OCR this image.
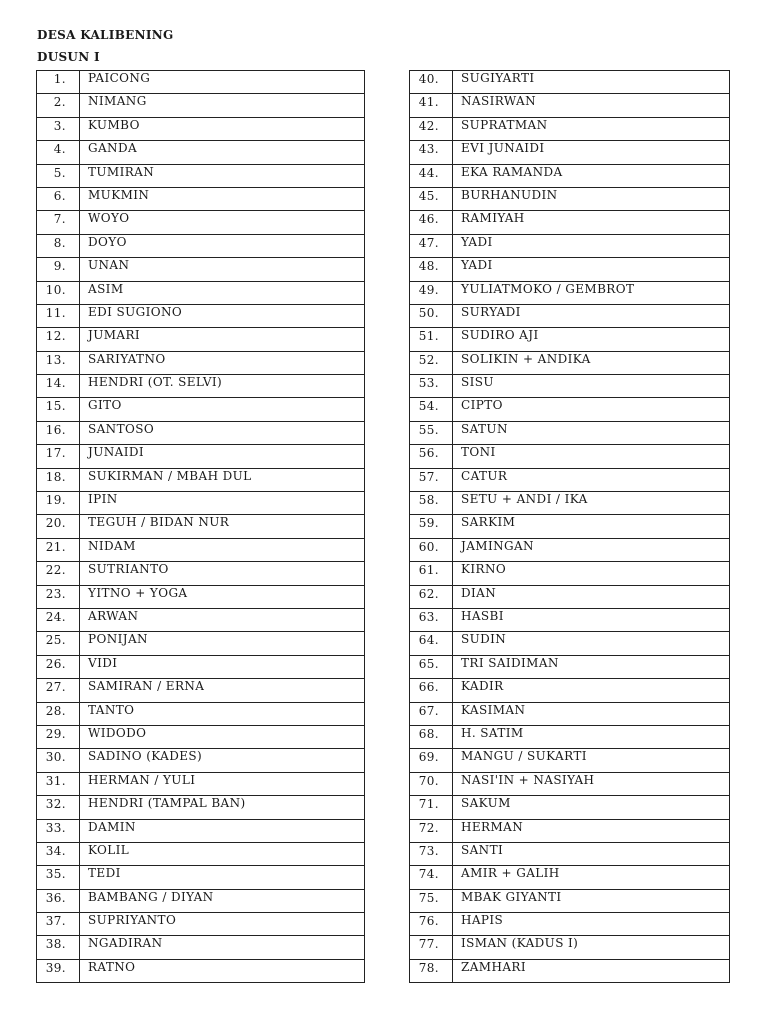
DESA KALIBENING
DUSUN I
1.	PAICONG
2.	NIMANG
3.	KUMBO
4.	GANDA
5.	TUMIRAN
6.	MUKMIN
7.	WOYO
8.	DOYO
9.	UNAN
10.	ASIM
11.	EDI SUGIONO
12.	JUMARI
13.	SARIYATNO
14.	HENDRI (OT. SELVI)
15.	GITO
16.	SANTOSO
17.	JUNAIDI
18.	SUKIRMAN / MBAH DUL
19.	IPIN
20.	TEGUH / BIDAN NUR
21.	NIDAM
22.	SUTRIANTO
23.	YITNO + YOGA
24.	ARWAN
25.	PONIJAN
26.	VIDI
27.	SAMIRAN / ERNA
28.	TANTO
29.	WIDODO
30.	SADINO (KADES)
31.	HERMAN / YULI
32.	HENDRI (TAMPAL BAN)
33.	DAMIN
34.	KOLIL
35.	TEDI
36.	BAMBANG / DIYAN
37.	SUPRIYANTO
38.	NGADIRAN
39.	RATNO
40.	SUGIYARTI
41.	NASIRWAN
42.	SUPRATMAN
43.	EVI JUNAIDI
44.	EKA RAMANDA
45.	BURHANUDIN
46.	RAMIYAH
47.	YADI
48.	YADI
49.	YULIATMOKO / GEMBROT
50.	SURYADI
51.	SUDIRO AJI
52.	SOLIKIN + ANDIKA
53.	SISU
54.	CIPTO
55.	SATUN
56.	TONI
57.	CATUR
58.	SETU + ANDI / IKA
59.	SARKIM
60.	JAMINGAN
61.	KIRNO
62.	DIAN
63.	HASBI
64.	SUDIN
65.	TRI SAIDIMAN
66.	KADIR
67.	KASIMAN
68.	H. SATIM
69.	MANGU / SUKARTI
70.	NASI'IN + NASIYAH
71.	SAKUM
72.	HERMAN
73.	SANTI
74.	AMIR + GALIH
75.	MBAK GIYANTI
76.	HAPIS
77.	ISMAN (KADUS I)
78.	ZAMHARI
